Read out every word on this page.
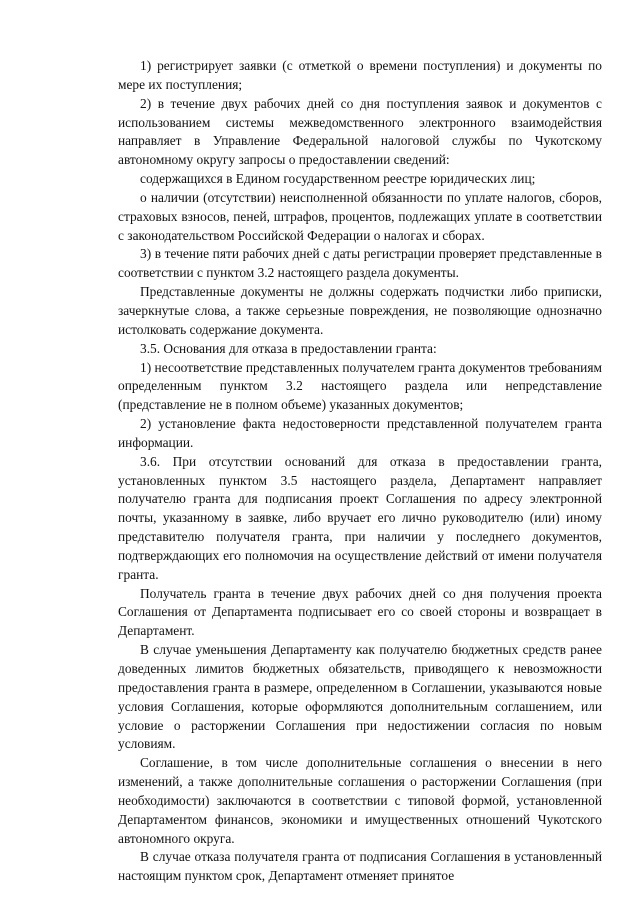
1) регистрирует заявки (с отметкой о времени поступления) и документы по мере их поступления;

2) в течение двух рабочих дней со дня поступления заявок и документов с использованием системы межведомственного электронного взаимодействия направляет в Управление Федеральной налоговой службы по Чукотскому автономному округу запросы о предоставлении сведений:

содержащихся в Едином государственном реестре юридических лиц;

о наличии (отсутствии) неисполненной обязанности по уплате налогов, сборов, страховых взносов, пеней, штрафов, процентов, подлежащих уплате в соответствии с законодательством Российской Федерации о налогах и сборах.

3) в течение пяти рабочих дней с даты регистрации проверяет представленные в соответствии с пунктом 3.2 настоящего раздела документы.

Представленные документы не должны содержать подчистки либо приписки, зачеркнутые слова, а также серьезные повреждения, не позволяющие однозначно истолковать содержание документа.

3.5. Основания для отказа в предоставлении гранта:

1) несоответствие представленных получателем гранта документов требованиям определенным пунктом 3.2 настоящего раздела или непредставление (представление не в полном объеме) указанных документов;

2) установление факта недостоверности представленной получателем гранта информации.

3.6. При отсутствии оснований для отказа в предоставлении гранта, установленных пунктом 3.5 настоящего раздела, Департамент направляет получателю гранта для подписания проект Соглашения по адресу электронной почты, указанному в заявке, либо вручает его лично руководителю (или) иному представителю получателя гранта, при наличии у последнего документов, подтверждающих его полномочия на осуществление действий от имени получателя гранта.

Получатель гранта в течение двух рабочих дней со дня получения проекта Соглашения от Департамента подписывает его со своей стороны и возвращает в Департамент.

В случае уменьшения Департаменту как получателю бюджетных средств ранее доведенных лимитов бюджетных обязательств, приводящего к невозможности предоставления гранта в размере, определенном в Соглашении, указываются новые условия Соглашения, которые оформляются дополнительным соглашением, или условие о расторжении Соглашения при недостижении согласия по новым условиям.

Соглашение, в том числе дополнительные соглашения о внесении в него изменений, а также дополнительные соглашения о расторжении Соглашения (при необходимости) заключаются в соответствии с типовой формой, установленной Департаментом финансов, экономики и имущественных отношений Чукотского автономного округа.

В случае отказа получателя гранта от подписания Соглашения в установленный настоящим пунктом срок, Департамент отменяет принятое
